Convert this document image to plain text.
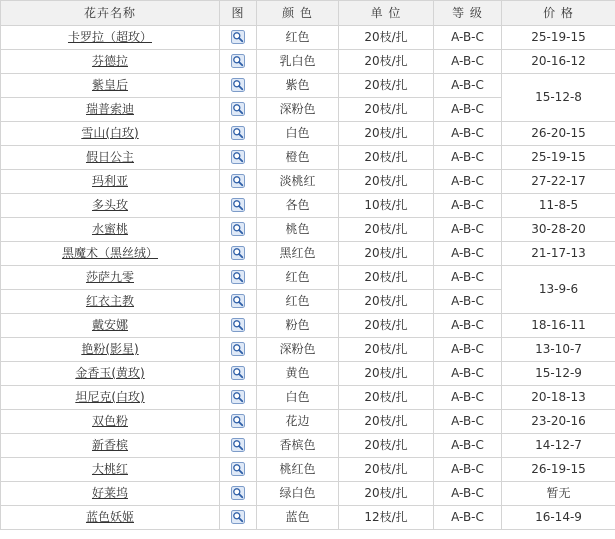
花卉名称	图	颜 色	单 位	等 级	价 格
卡罗拉（超玫）		红色	20枝/扎	A-B-C	25-19-15
芬德拉		乳白色	20枝/扎	A-B-C	20-16-12
紫皇后		紫色	20枝/扎	A-B-C	15-12-8
瑞普索迪		深粉色	20枝/扎	A-B-C	
雪山(白玫)		白色	20枝/扎	A-B-C	26-20-15
假日公主		橙色	20枝/扎	A-B-C	25-19-15
玛利亚		淡桃红	20枝/扎	A-B-C	27-22-17
多头玫		各色	10枝/扎	A-B-C	11-8-5
水蜜桃		桃色	20枝/扎	A-B-C	30-28-20
黑魔术（黑丝绒）		黑红色	20枝/扎	A-B-C	21-17-13
莎萨九零		红色	20枝/扎	A-B-C	13-9-6
红衣主教		红色	20枝/扎	A-B-C	
戴安娜		粉色	20枝/扎	A-B-C	18-16-11
艳粉(影星)		深粉色	20枝/扎	A-B-C	13-10-7
金香玉(黄玫)		黄色	20枝/扎	A-B-C	15-12-9
坦尼克(白玫)		白色	20枝/扎	A-B-C	20-18-13
双色粉		花边	20枝/扎	A-B-C	23-20-16
新香槟		香槟色	20枝/扎	A-B-C	14-12-7
大桃红		桃红色	20枝/扎	A-B-C	26-19-15
好莱坞		绿白色	20枝/扎	A-B-C	暂无
蓝色妖姬		蓝色	12枝/扎	A-B-C	16-14-9
